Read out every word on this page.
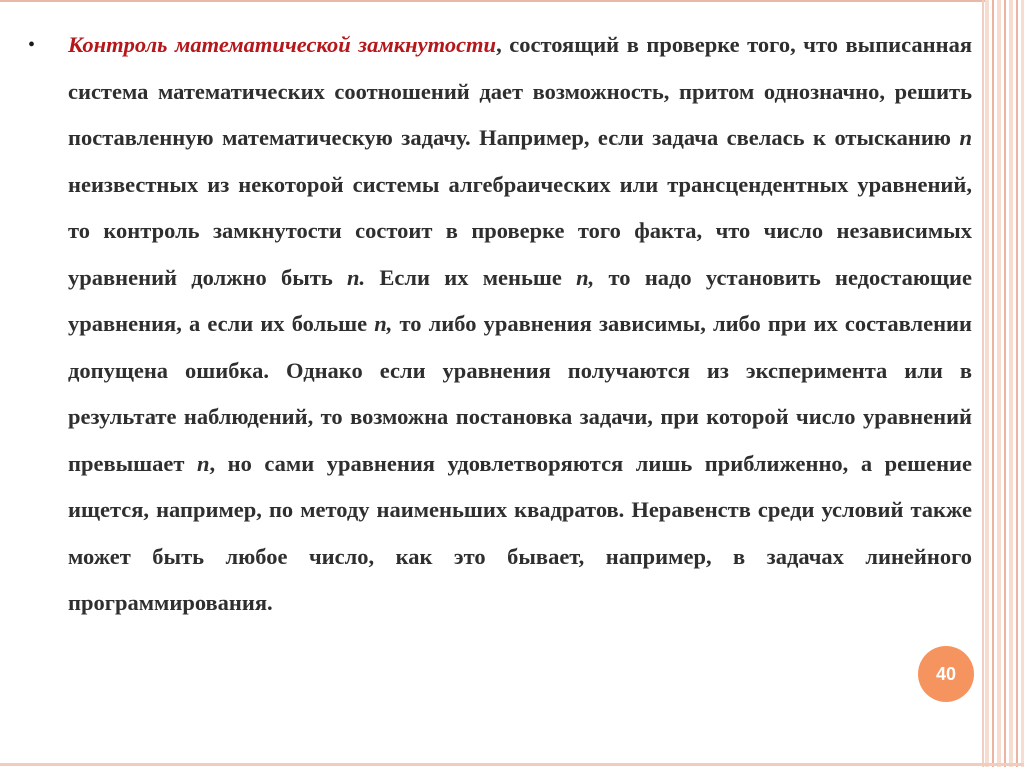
• Контроль математической замкнутости, состоящий в проверке того, что выписанная система математических соотношений дает возможность, притом однозначно, решить поставленную математическую задачу. Например, если задача свелась к отысканию n неизвестных из некоторой системы алгебраических или трансцендентных уравнений, то контроль замкнутости состоит в проверке того факта, что число независимых уравнений должно быть n. Если их меньше n, то надо установить недостающие уравнения, а если их больше n, то либо уравнения зависимы, либо при их составлении допущена ошибка. Однако если уравнения получаются из эксперимента или в результате наблюдений, то возможна постановка задачи, при которой число уравнений превышает n, но сами уравнения удовлетворяются лишь приближенно, а решение ищется, например, по методу наименьших квадратов. Неравенств среди условий также может быть любое число, как это бывает, например, в задачах линейного программирования.
40
